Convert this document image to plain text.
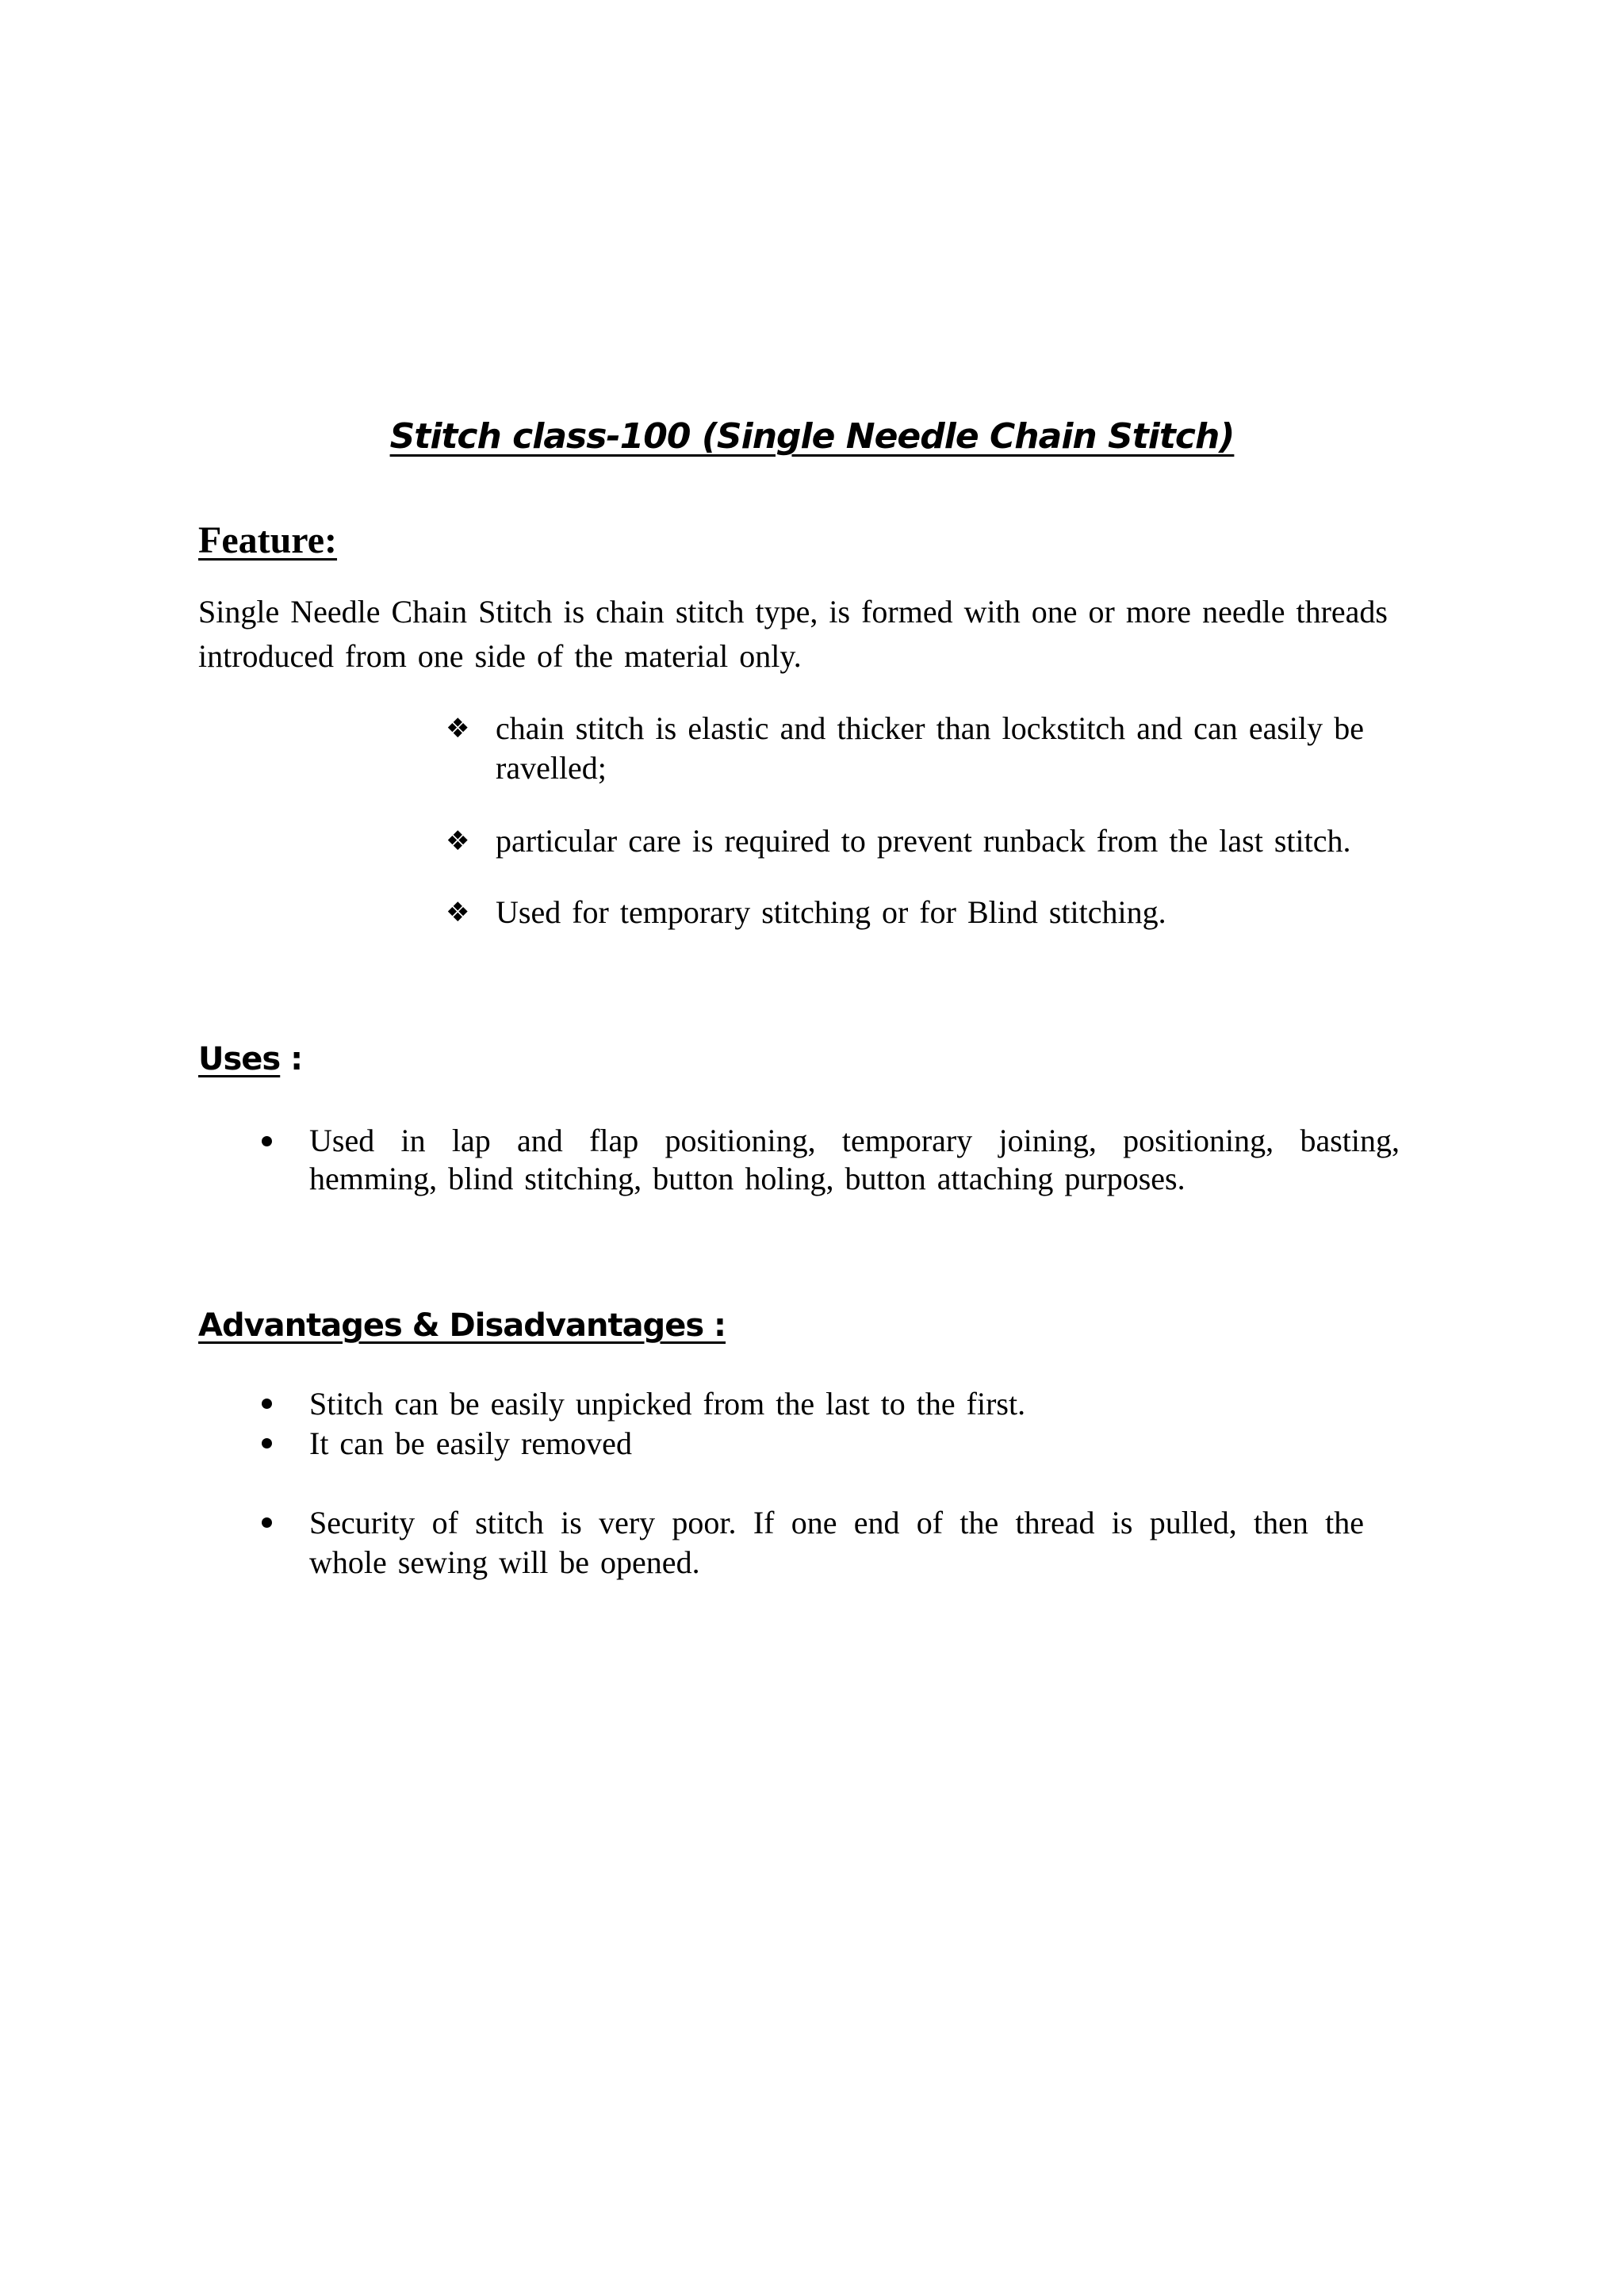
Stitch class-100 (Single Needle Chain Stitch)
Feature:
Single Needle Chain Stitch is chain stitch type, is formed with one or more needle threads introduced from one side of the material only.
❖ chain stitch is elastic and thicker than lockstitch and can easily be ravelled;
❖ particular care is required to prevent runback from the last stitch.
❖ Used for temporary stitching or for Blind stitching.
Uses :
Used in lap and flap positioning, temporary joining, positioning, basting, hemming, blind stitching, button holing, button attaching purposes.
Advantages & Disadvantages :
Stitch can be easily unpicked from the last to the first.
It can be easily removed
Security of stitch is very poor. If one end of the thread is pulled, then the whole sewing will be opened.
